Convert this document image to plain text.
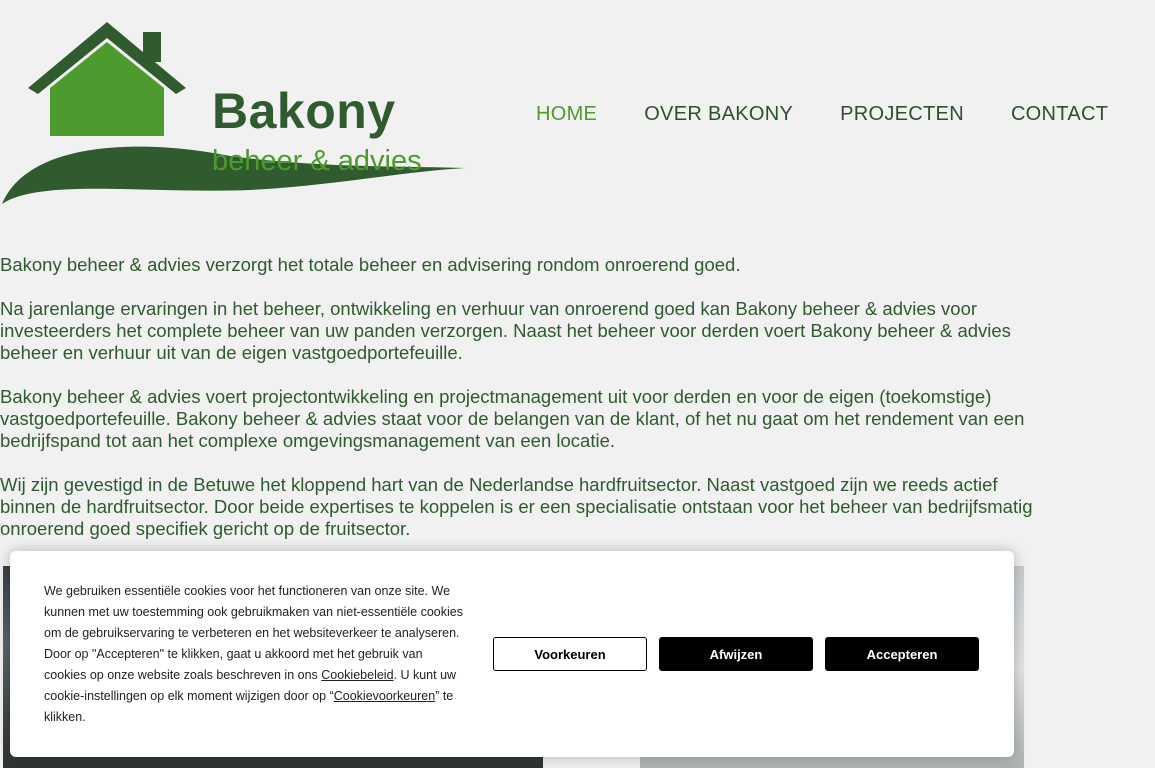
Bakony
beheer & advies
HOME OVER BAKONY PROJECTEN CONTACT

Bakony beheer & advies verzorgt het totale beheer en advisering rondom onroerend goed.

Na jarenlange ervaringen in het beheer, ontwikkeling en verhuur van onroerend goed kan Bakony beheer & advies voor
investeerders het complete beheer van uw panden verzorgen. Naast het beheer voor derden voert Bakony beheer & advies
beheer en verhuur uit van de eigen vastgoedportefeuille.

Bakony beheer & advies voert projectontwikkeling en projectmanagement uit voor derden en voor de eigen (toekomstige)
vastgoedportefeuille. Bakony beheer & advies staat voor de belangen van de klant, of het nu gaat om het rendement van een
bedrijfspand tot aan het complexe omgevingsmanagement van een locatie.

Wij zijn gevestigd in de Betuwe het kloppend hart van de Nederlandse hardfruitsector. Naast vastgoed zijn we reeds actief
binnen de hardfruitsector. Door beide expertises te koppelen is er een specialisatie ontstaan voor het beheer van bedrijfsmatig
onroerend goed specifiek gericht op de fruitsector.

We gebruiken essentiële cookies voor het functioneren van onze site. We kunnen met uw toestemming ook gebruikmaken van niet-essentiële cookies om de gebruikservaring te verbeteren en het websiteverkeer te analyseren. Door op "Accepteren" te klikken, gaat u akkoord met het gebruik van cookies op onze website zoals beschreven in ons Cookiebeleid. U kunt uw cookie-instellingen op elk moment wijzigen door op “Cookievoorkeuren” te klikken.
Voorkeuren	Afwijzen	Accepteren
